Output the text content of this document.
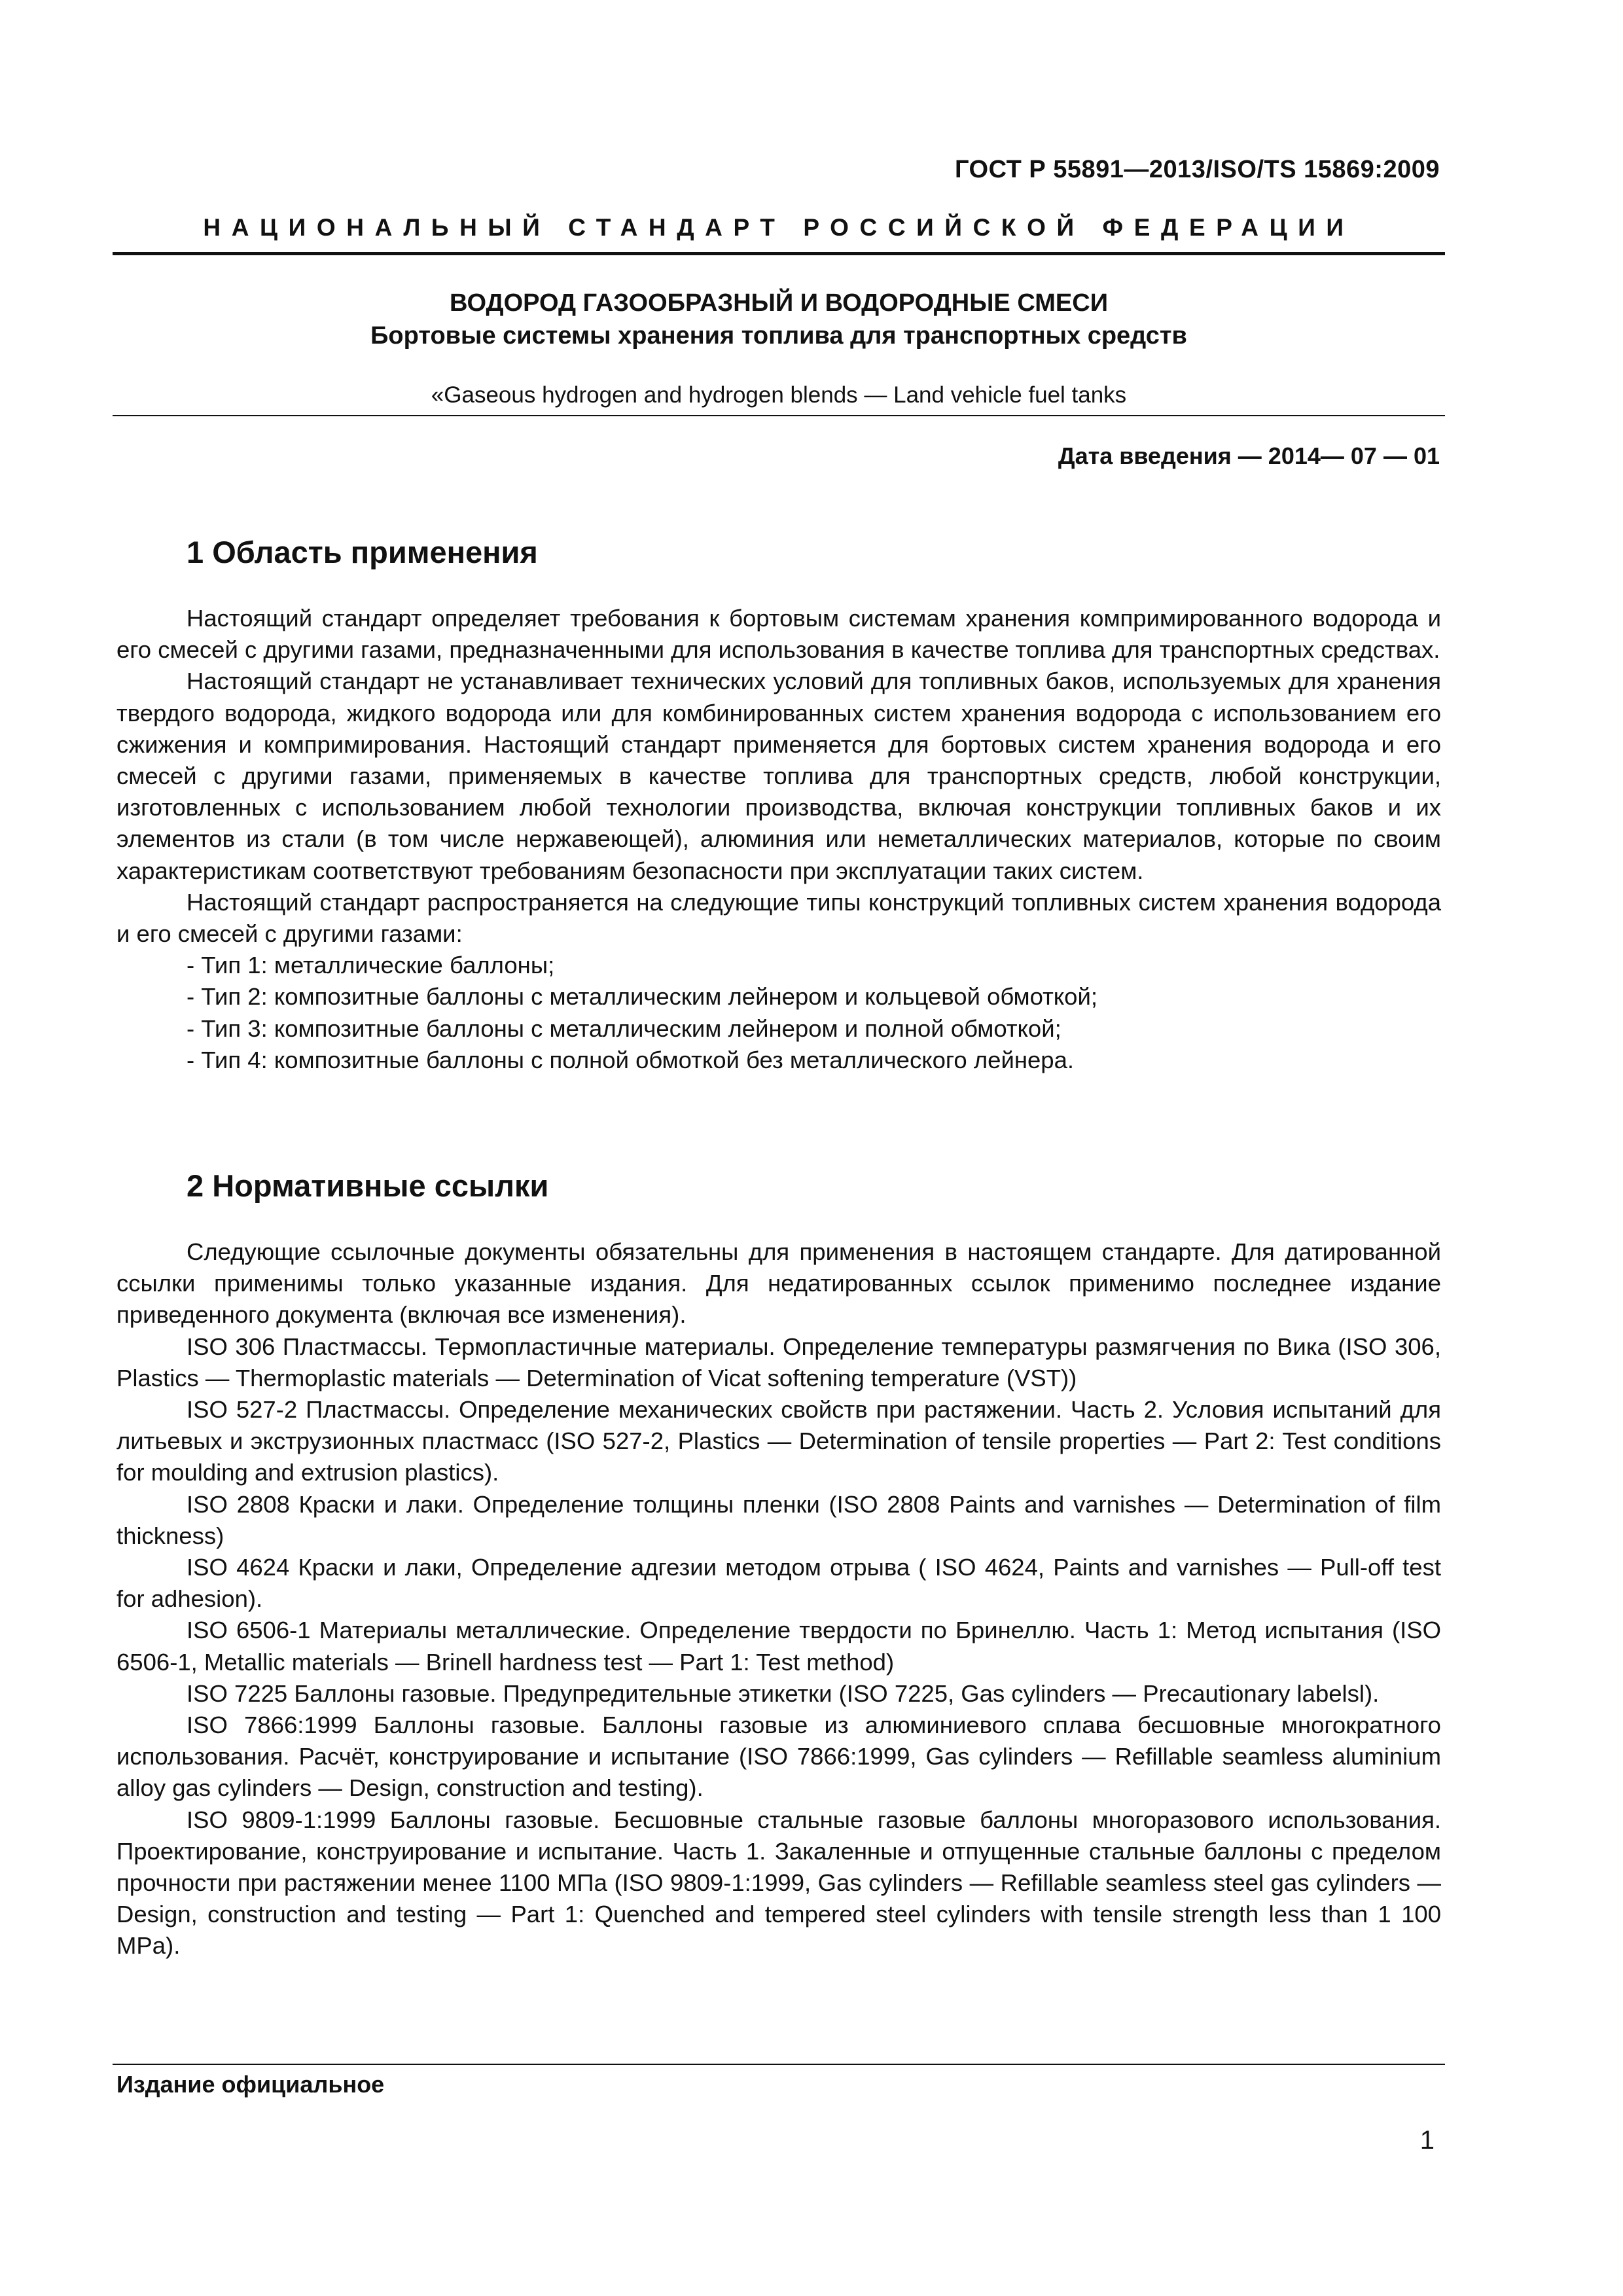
ГОСТ Р 55891—2013/ISO/TS 15869:2009
НАЦИОНАЛЬНЫЙ СТАНДАРТ РОССИЙСКОЙ ФЕДЕРАЦИИ
ВОДОРОД ГАЗООБРАЗНЫЙ И ВОДОРОДНЫЕ СМЕСИ
Бортовые системы хранения топлива для транспортных средств
«Gaseous hydrogen and hydrogen blends — Land vehicle fuel tanks
Дата введения — 2014— 07 — 01
1 Область применения

Настоящий стандарт определяет требования к бортовым системам хранения компримированного водорода и его смесей с другими газами, предназначенными для использования в качестве топлива для транспортных средствах.

Настоящий стандарт не устанавливает технических условий для топливных баков, используемых для хранения твердого водорода, жидкого водорода или для комбинированных систем хранения водорода с использованием его сжижения и компримирования. Настоящий стандарт применяется для бортовых систем хранения водорода и его смесей с другими газами, применяемых в качестве топлива для транспортных средств, любой конструкции, изготовленных с использованием любой технологии производства, включая конструкции топливных баков и их элементов из стали (в том числе нержавеющей), алюминия или неметаллических материалов, которые по своим характеристикам соответствуют требованиям безопасности при эксплуатации таких систем.

Настоящий стандарт распространяется на следующие типы конструкций топливных систем хранения водорода и его смесей с другими газами:

- Тип 1: металлические баллоны;

- Тип 2: композитные баллоны с металлическим лейнером и кольцевой обмоткой;

- Тип 3: композитные баллоны с металлическим лейнером и полной обмоткой;

- Тип 4: композитные баллоны с полной обмоткой без металлического лейнера.

2 Нормативные ссылки

Следующие ссылочные документы обязательны для применения в настоящем стандарте. Для датированной ссылки применимы только указанные издания. Для недатированных ссылок применимо последнее издание приведенного документа (включая все изменения).

ISO 306 Пластмассы. Термопластичные материалы. Определение температуры размягчения по Вика (ISO 306, Plastics — Thermoplastic materials — Determination of Vicat softening temperature (VST))

ISO 527-2 Пластмассы. Определение механических свойств при растяжении. Часть 2. Условия испытаний для литьевых и экструзионных пластмасс (ISO 527-2, Plastics — Determination of tensile properties — Part 2: Test conditions for moulding and extrusion plastics).

ISO 2808 Краски и лаки. Определение толщины пленки (ISO 2808 Paints and varnishes — Determination of film thickness)

ISO 4624 Краски и лаки, Определение адгезии методом отрыва ( ISO 4624, Paints and varnishes — Pull-off test for adhesion).

ISO 6506-1 Материалы металлические. Определение твердости по Бринеллю. Часть 1: Метод испытания (ISO 6506-1, Metallic materials — Brinell hardness test — Part 1: Test method)

ISO 7225 Баллоны газовые. Предупредительные этикетки (ISO 7225, Gas cylinders — Precautionary labelsl).

ISO 7866:1999 Баллоны газовые. Баллоны газовые из алюминиевого сплава бесшовные многократного использования. Расчёт, конструирование и испытание (ISO 7866:1999, Gas cylinders — Refillable seamless aluminium alloy gas cylinders — Design, construction and testing).

ISO 9809-1:1999 Баллоны газовые. Бесшовные стальные газовые баллоны многоразового использования. Проектирование, конструирование и испытание. Часть 1. Закаленные и отпущенные стальные баллоны с пределом прочности при растяжении менее 1100 МПа (ISO 9809-1:1999, Gas cylinders — Refillable seamless steel gas cylinders — Design, construction and testing — Part 1: Quenched and tempered steel cylinders with tensile strength less than 1 100 MPa).

Издание официальное
1
